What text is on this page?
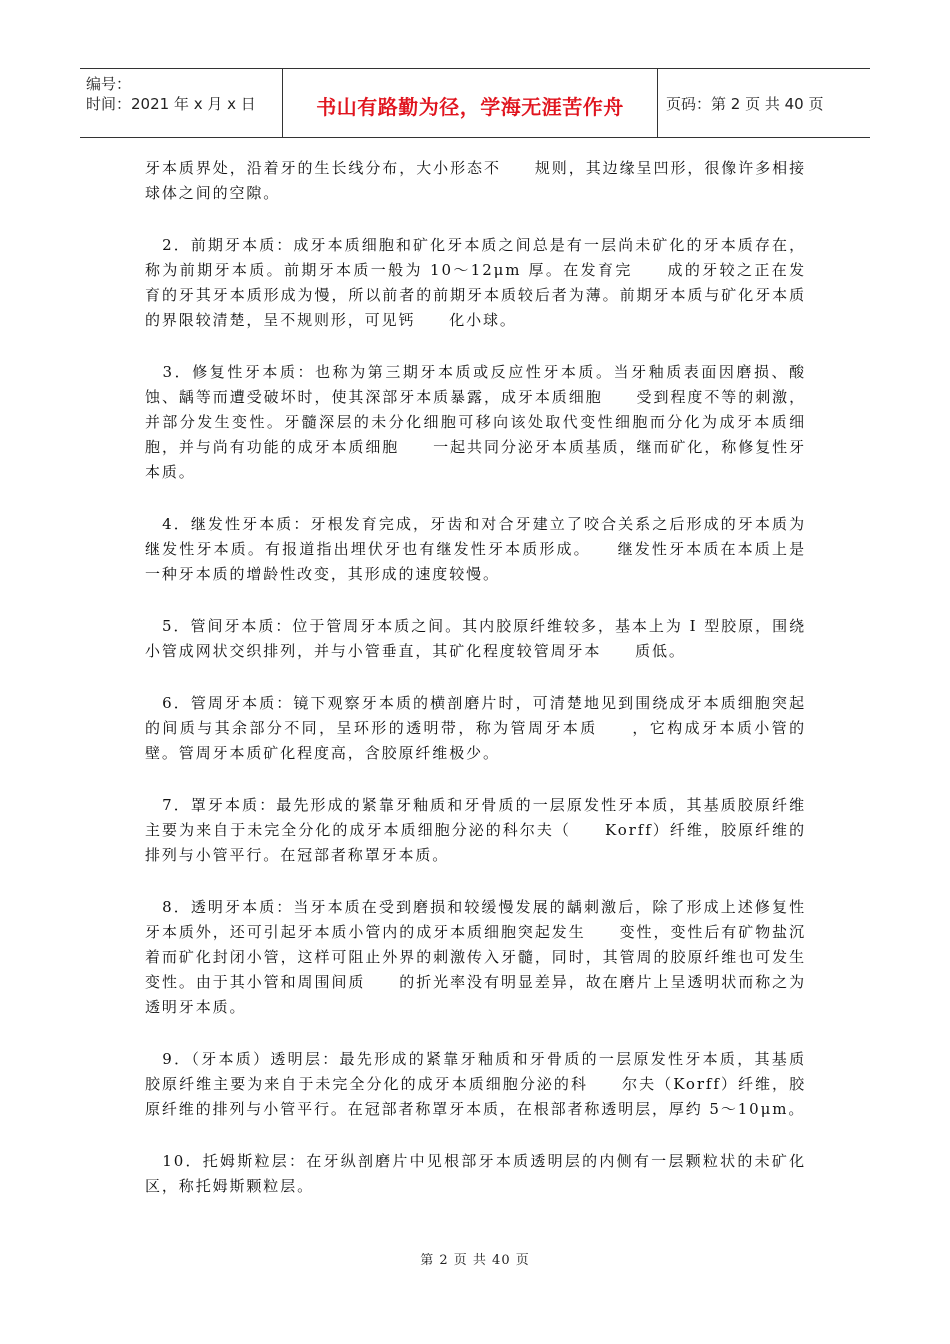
编号：
时间：2021 年 x 月 x 日	书山有路勤为径，学海无涯苦作舟	页码：第 2 页 共 40 页

牙本质界处，沿着牙的生长线分布，大小形态不　　规则，其边缘呈凹形，很像许多相接球体之间的空隙。

　2．前期牙本质：成牙本质细胞和矿化牙本质之间总是有一层尚未矿化的牙本质存在，称为前期牙本质。前期牙本质一般为 10～12μm 厚。在发育完　　成的牙较之正在发育的牙其牙本质形成为慢，所以前者的前期牙本质较后者为薄。前期牙本质与矿化牙本质的界限较清楚，呈不规则形，可见钙　　化小球。

　3．修复性牙本质：也称为第三期牙本质或反应性牙本质。当牙釉质表面因磨损、酸蚀、龋等而遭受破坏时，使其深部牙本质暴露，成牙本质细胞　　受到程度不等的刺激，并部分发生变性。牙髓深层的未分化细胞可移向该处取代变性细胞而分化为成牙本质细胞，并与尚有功能的成牙本质细胞　　一起共同分泌牙本质基质，继而矿化，称修复性牙本质。

　4．继发性牙本质：牙根发育完成，牙齿和对合牙建立了咬合关系之后形成的牙本质为继发性牙本质。有报道指出埋伏牙也有继发性牙本质形成。　　继发性牙本质在本质上是一种牙本质的增龄性改变，其形成的速度较慢。

　5．管间牙本质：位于管周牙本质之间。其内胶原纤维较多，基本上为 I 型胶原，围绕小管成网状交织排列，并与小管垂直，其矿化程度较管周牙本　　质低。

　6．管周牙本质：镜下观察牙本质的横剖磨片时，可清楚地见到围绕成牙本质细胞突起的间质与其余部分不同，呈环形的透明带，称为管周牙本质　　，它构成牙本质小管的壁。管周牙本质矿化程度高，含胶原纤维极少。

　7．罩牙本质：最先形成的紧靠牙釉质和牙骨质的一层原发性牙本质，其基质胶原纤维主要为来自于未完全分化的成牙本质细胞分泌的科尔夫（　　Korff）纤维，胶原纤维的排列与小管平行。在冠部者称罩牙本质。

　8．透明牙本质：当牙本质在受到磨损和较缓慢发展的龋刺激后，除了形成上述修复性牙本质外，还可引起牙本质小管内的成牙本质细胞突起发生　　变性，变性后有矿物盐沉着而矿化封闭小管，这样可阻止外界的刺激传入牙髓，同时，其管周的胶原纤维也可发生变性。由于其小管和周围间质　　的折光率没有明显差异，故在磨片上呈透明状而称之为透明牙本质。

　9．（牙本质）透明层：最先形成的紧靠牙釉质和牙骨质的一层原发性牙本质，其基质胶原纤维主要为来自于未完全分化的成牙本质细胞分泌的科　　尔夫（Korff）纤维，胶原纤维的排列与小管平行。在冠部者称罩牙本质，在根部者称透明层，厚约 5～10μm。

　10．托姆斯粒层：在牙纵剖磨片中见根部牙本质透明层的内侧有一层颗粒状的未矿化区，称托姆斯颗粒层。

第 2 页 共 40 页
